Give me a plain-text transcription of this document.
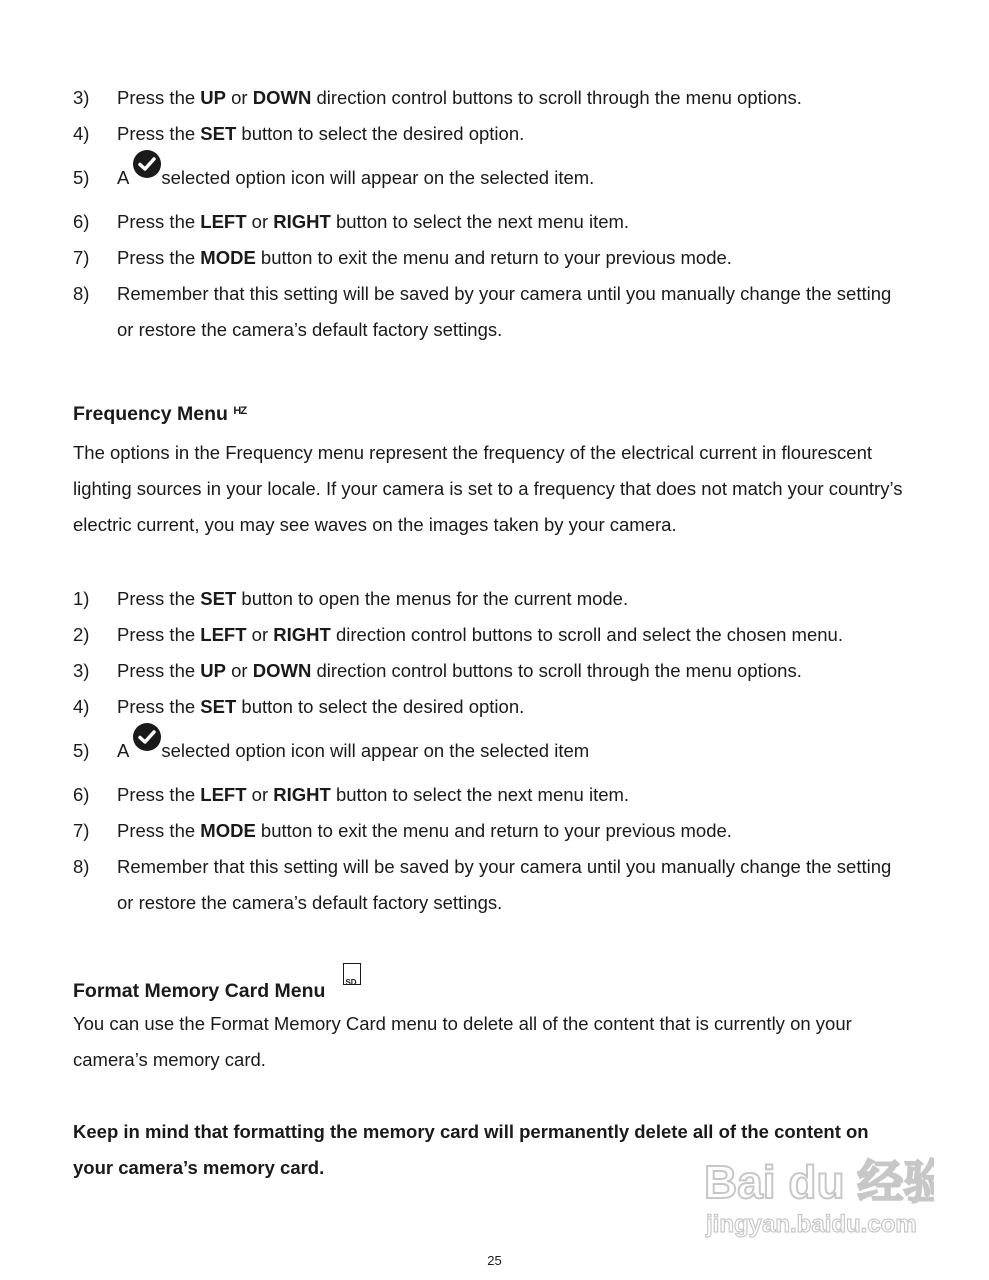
3)	Press the UP or DOWN direction control buttons to scroll through the menu options.
4)	Press the SET button to select the desired option.
5)	A selected option icon will appear on the selected item.
6)	Press the LEFT or RIGHT button to select the next menu item.
7)	Press the MODE button to exit the menu and return to your previous mode.
8)	Remember that this setting will be saved by your camera until you manually change the setting or restore the camera’s default factory settings.
Frequency Menu $^{HZ}$
The options in the Frequency menu represent the frequency of the electrical current in flourescent lighting sources in your locale. If your camera is set to a frequency that does not match your country’s electric current, you may see waves on the images taken by your camera.
1)	Press the SET button to open the menus for the current mode.
2)	Press the LEFT or RIGHT direction control buttons to scroll and select the chosen menu.
3)	Press the UP or DOWN direction control buttons to scroll through the menu options.
4)	Press the SET button to select the desired option.
5)	A selected option icon will appear on the selected item
6)	Press the LEFT or RIGHT button to select the next menu item.
7)	Press the MODE button to exit the menu and return to your previous mode.
8)	Remember that this setting will be saved by your camera until you manually change the setting or restore the camera’s default factory settings.
Format Memory Card Menu	SD
You can use the Format Memory Card menu to delete all of the content that is currently on your camera’s memory card.
Keep in mind that formatting the memory card will permanently delete all of the content on your camera’s memory card.	Bai du 经验
jingyan.baidu.com
25
